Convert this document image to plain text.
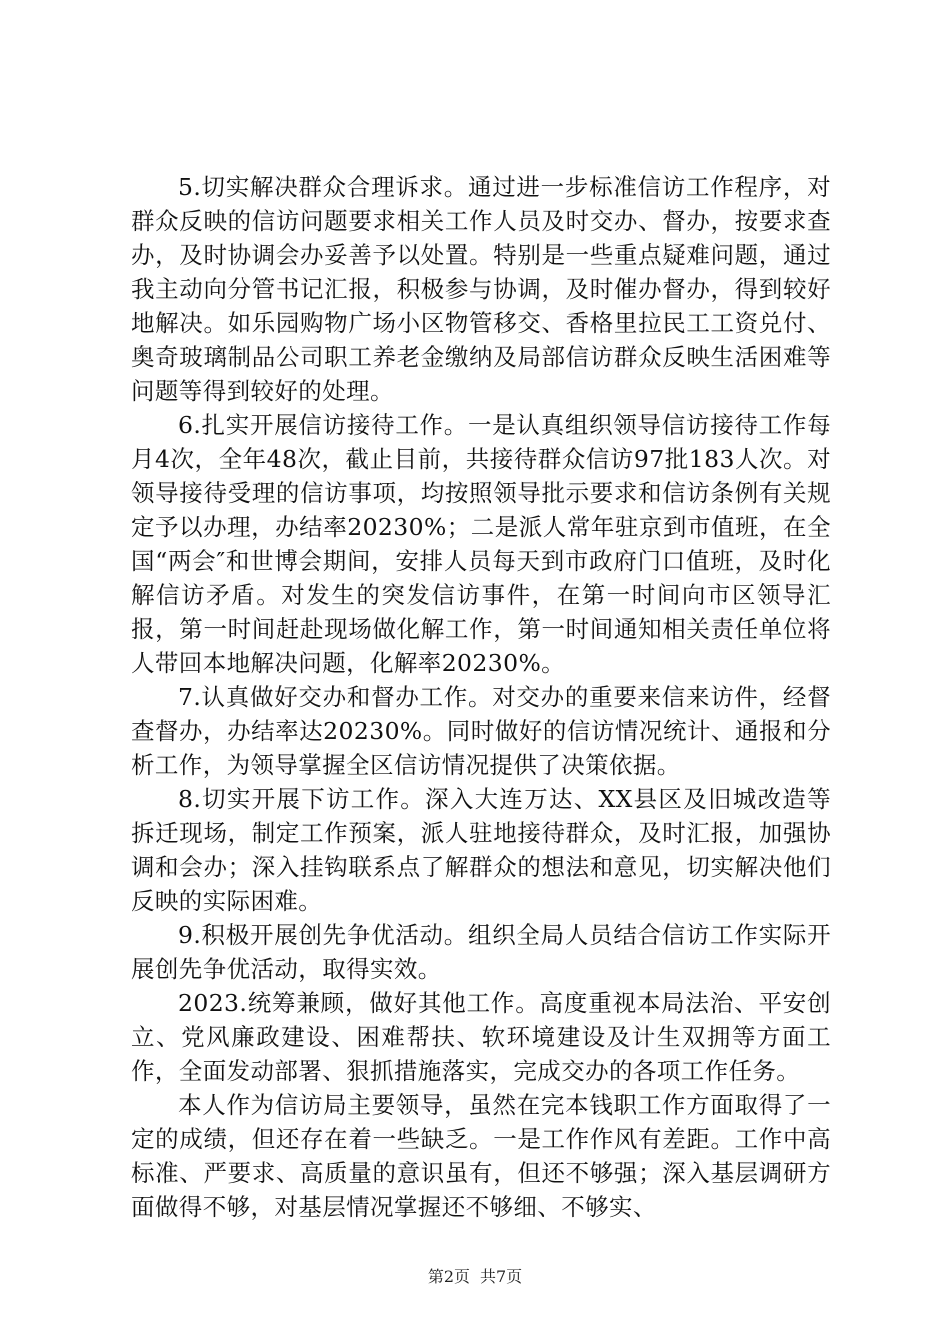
5.切实解决群众合理诉求。通过进一步标准信访工作程序，对群众反映的信访问题要求相关工作人员及时交办、督办，按要求查办，及时协调会办妥善予以处置。特别是一些重点疑难问题，通过我主动向分管书记汇报，积极参与协调，及时催办督办，得到较好地解决。如乐园购物广场小区物管移交、香格里拉民工工资兑付、奥奇玻璃制品公司职工养老金缴纳及局部信访群众反映生活困难等问题等得到较好的处理。

6.扎实开展信访接待工作。一是认真组织领导信访接待工作每月4次，全年48次，截止目前，共接待群众信访97批183人次。对领导接待受理的信访事项，均按照领导批示要求和信访条例有关规定予以办理，办结率20230%；二是派人常年驻京到市值班，在全国“两会″和世博会期间，安排人员每天到市政府门口值班，及时化解信访矛盾。对发生的突发信访事件，在第一时间向市区领导汇报，第一时间赶赴现场做化解工作，第一时间通知相关责任单位将人带回本地解决问题，化解率20230%。

7.认真做好交办和督办工作。对交办的重要来信来访件，经督查督办，办结率达20230%。同时做好的信访情况统计、通报和分析工作，为领导掌握全区信访情况提供了决策依据。

8.切实开展下访工作。深入大连万达、XX县区及旧城改造等拆迁现场，制定工作预案，派人驻地接待群众，及时汇报，加强协调和会办；深入挂钩联系点了解群众的想法和意见，切实解决他们反映的实际困难。

9.积极开展创先争优活动。组织全局人员结合信访工作实际开展创先争优活动，取得实效。

2023.统筹兼顾，做好其他工作。高度重视本局法治、平安创立、党风廉政建设、困难帮扶、软环境建设及计生双拥等方面工作，全面发动部署、狠抓措施落实，完成交办的各项工作任务。

本人作为信访局主要领导，虽然在完本钱职工作方面取得了一定的成绩，但还存在着一些缺乏。一是工作作风有差距。工作中高标准、严要求、高质量的意识虽有，但还不够强；深入基层调研方面做得不够，对基层情况掌握还不够细、不够实、

第2页 共7页
